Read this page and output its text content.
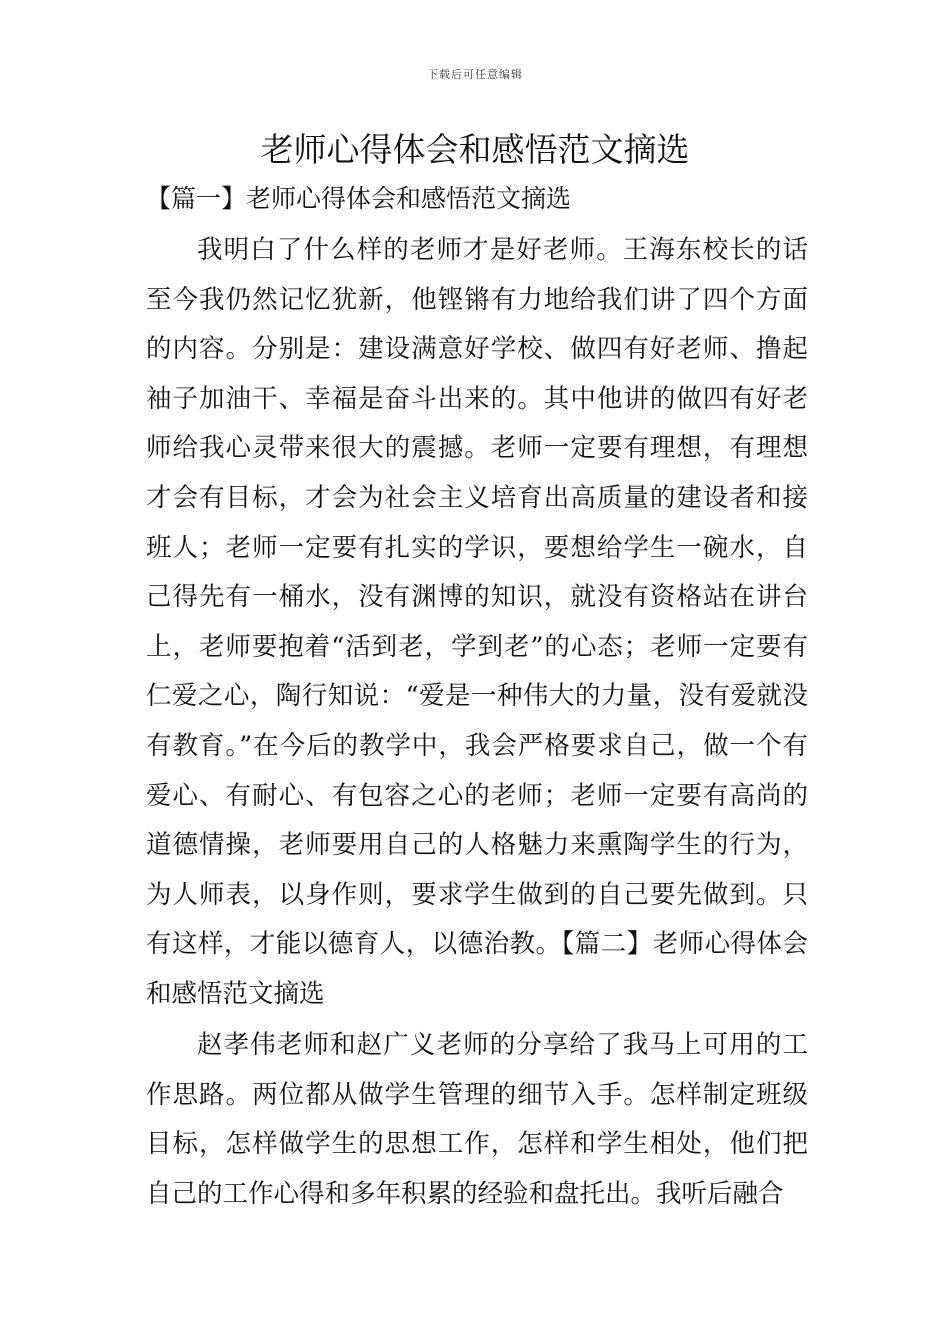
下载后可任意编辑
老师心得体会和感悟范文摘选
【篇一】老师心得体会和感悟范文摘选

我明白了什么样的老师才是好老师。王海东校长的话至今我仍然记忆犹新，他铿锵有力地给我们讲了四个方面的内容。分别是：建设满意好学校、做四有好老师、撸起袖子加油干、幸福是奋斗出来的。其中他讲的做四有好老师给我心灵带来很大的震撼。老师一定要有理想，有理想才会有目标，才会为社会主义培育出高质量的建设者和接班人；老师一定要有扎实的学识，要想给学生一碗水，自己得先有一桶水，没有渊博的知识，就没有资格站在讲台上，老师要抱着“活到老，学到老”的心态；老师一定要有仁爱之心，陶行知说：“爱是一种伟大的力量，没有爱就没有教育。”在今后的教学中，我会严格要求自己，做一个有爱心、有耐心、有包容之心的老师；老师一定要有高尚的道德情操，老师要用自己的人格魅力来熏陶学生的行为，为人师表，以身作则，要求学生做到的自己要先做到。只有这样，才能以德育人，以德治教。【篇二】老师心得体会和感悟范文摘选

赵孝伟老师和赵广义老师的分享给了我马上可用的工作思路。两位都从做学生管理的细节入手。怎样制定班级目标，怎样做学生的思想工作，怎样和学生相处，他们把自己的工作心得和多年积累的经验和盘托出。我听后融合
